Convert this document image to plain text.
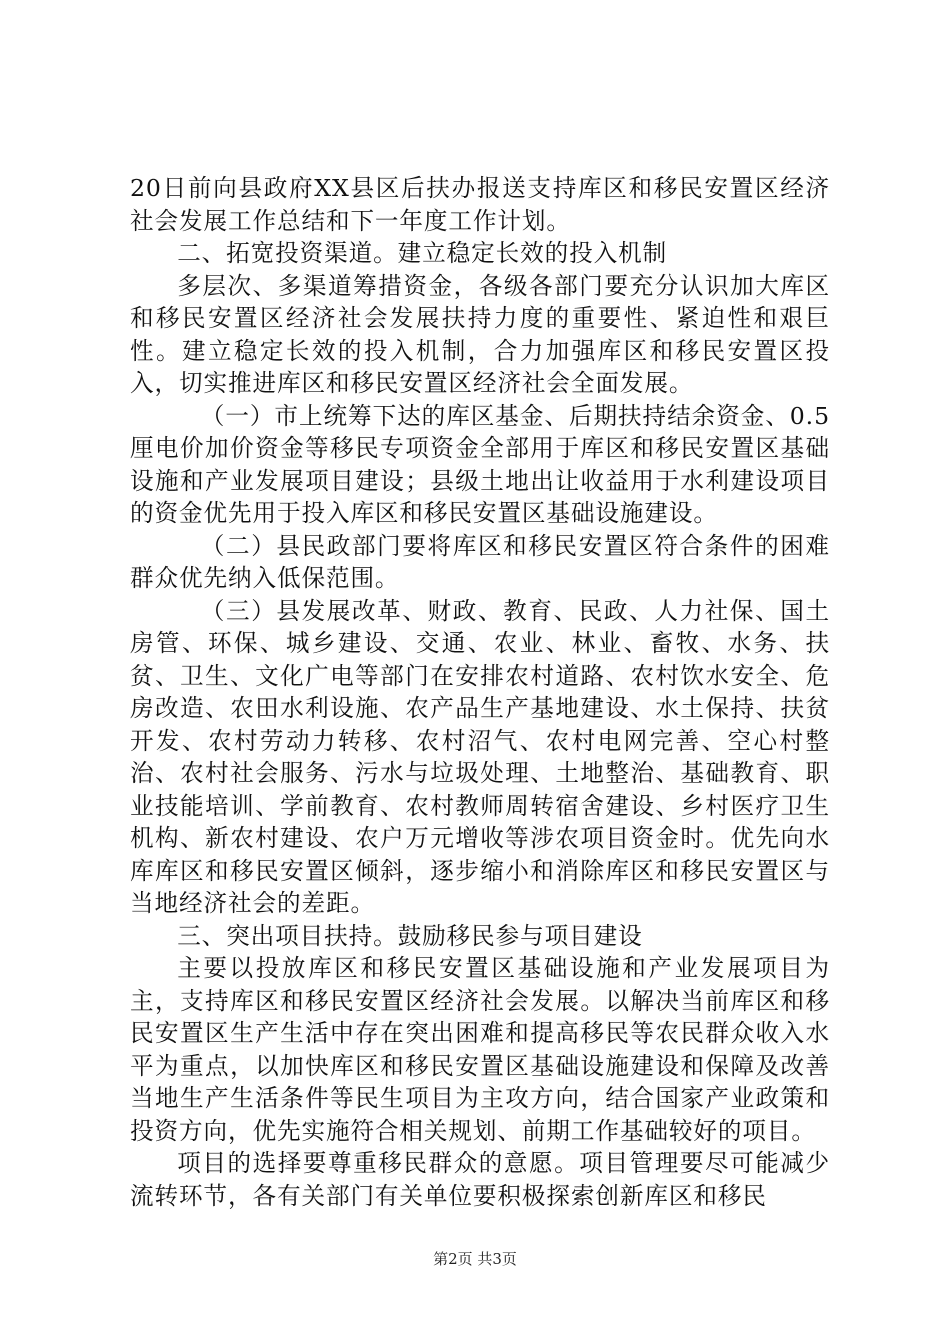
20日前向县政府XX县区后扶办报送支持库区和移民安置区经济社会发展工作总结和下一年度工作计划。

二、拓宽投资渠道。建立稳定长效的投入机制

多层次、多渠道筹措资金，各级各部门要充分认识加大库区和移民安置区经济社会发展扶持力度的重要性、紧迫性和艰巨性。建立稳定长效的投入机制，合力加强库区和移民安置区投入，切实推进库区和移民安置区经济社会全面发展。

（一）市上统筹下达的库区基金、后期扶持结余资金、0.5厘电价加价资金等移民专项资金全部用于库区和移民安置区基础设施和产业发展项目建设；县级土地出让收益用于水利建设项目的资金优先用于投入库区和移民安置区基础设施建设。

（二）县民政部门要将库区和移民安置区符合条件的困难群众优先纳入低保范围。

（三）县发展改革、财政、教育、民政、人力社保、国土房管、环保、城乡建设、交通、农业、林业、畜牧、水务、扶贫、卫生、文化广电等部门在安排农村道路、农村饮水安全、危房改造、农田水利设施、农产品生产基地建设、水土保持、扶贫开发、农村劳动力转移、农村沼气、农村电网完善、空心村整治、农村社会服务、污水与垃圾处理、土地整治、基础教育、职业技能培训、学前教育、农村教师周转宿舍建设、乡村医疗卫生机构、新农村建设、农户万元增收等涉农项目资金时。优先向水库库区和移民安置区倾斜，逐步缩小和消除库区和移民安置区与当地经济社会的差距。

三、突出项目扶持。鼓励移民参与项目建设

主要以投放库区和移民安置区基础设施和产业发展项目为主，支持库区和移民安置区经济社会发展。以解决当前库区和移民安置区生产生活中存在突出困难和提高移民等农民群众收入水平为重点，以加快库区和移民安置区基础设施建设和保障及改善当地生产生活条件等民生项目为主攻方向，结合国家产业政策和投资方向，优先实施符合相关规划、前期工作基础较好的项目。

项目的选择要尊重移民群众的意愿。项目管理要尽可能减少流转环节，各有关部门有关单位要积极探索创新库区和移民

第2页 共3页
